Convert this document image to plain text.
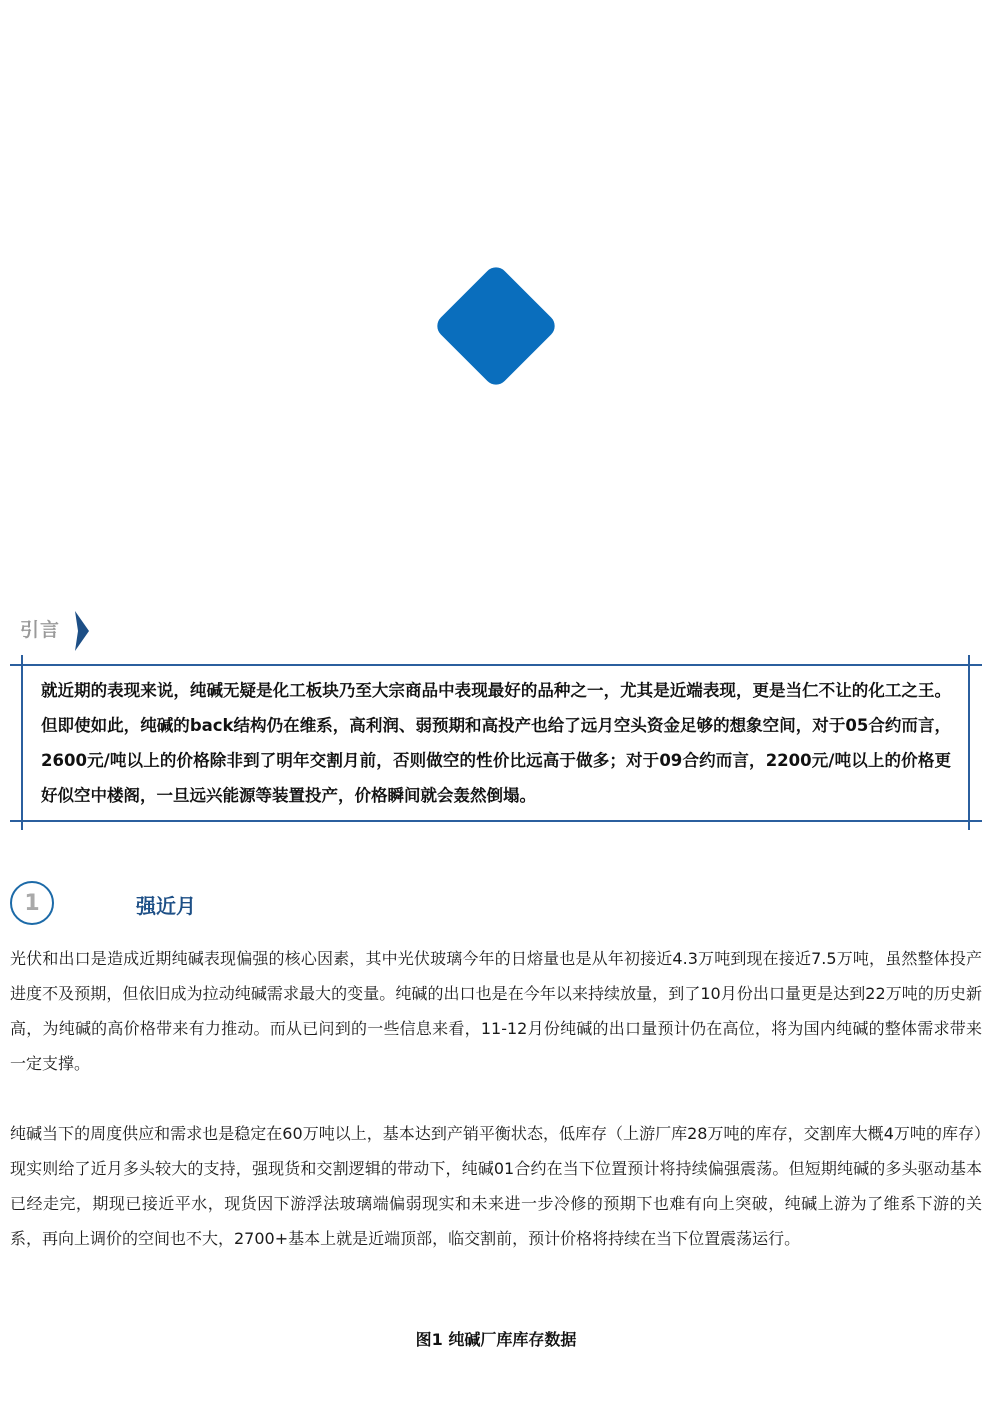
引言
就近期的表现来说，纯碱无疑是化工板块乃至大宗商品中表现最好的品种之一，尤其是近端表现，更是当仁不让的化工之王。但即使如此，纯碱的back结构仍在维系，高利润、弱预期和高投产也给了远月空头资金足够的想象空间，对于05合约而言，2600元/吨以上的价格除非到了明年交割月前，否则做空的性价比远高于做多；对于09合约而言，2200元/吨以上的价格更好似空中楼阁，一旦远兴能源等装置投产，价格瞬间就会轰然倒塌。
1	强近月

光伏和出口是造成近期纯碱表现偏强的核心因素，其中光伏玻璃今年的日熔量也是从年初接近4.3万吨到现在接近7.5万吨，虽然整体投产进度不及预期，但依旧成为拉动纯碱需求最大的变量。纯碱的出口也是在今年以来持续放量，到了10月份出口量更是达到22万吨的历史新高，为纯碱的高价格带来有力推动。而从已问到的一些信息来看，11-12月份纯碱的出口量预计仍在高位，将为国内纯碱的整体需求带来一定支撑。

纯碱当下的周度供应和需求也是稳定在60万吨以上，基本达到产销平衡状态，低库存（上游厂库28万吨的库存，交割库大概4万吨的库存）现实则给了近月多头较大的支持，强现货和交割逻辑的带动下，纯碱01合约在当下位置预计将持续偏强震荡。但短期纯碱的多头驱动基本已经走完，期现已接近平水，现货因下游浮法玻璃端偏弱现实和未来进一步冷修的预期下也难有向上突破，纯碱上游为了维系下游的关系，再向上调价的空间也不大，2700+基本上就是近端顶部，临交割前，预计价格将持续在当下位置震荡运行。

图1 纯碱厂库库存数据
